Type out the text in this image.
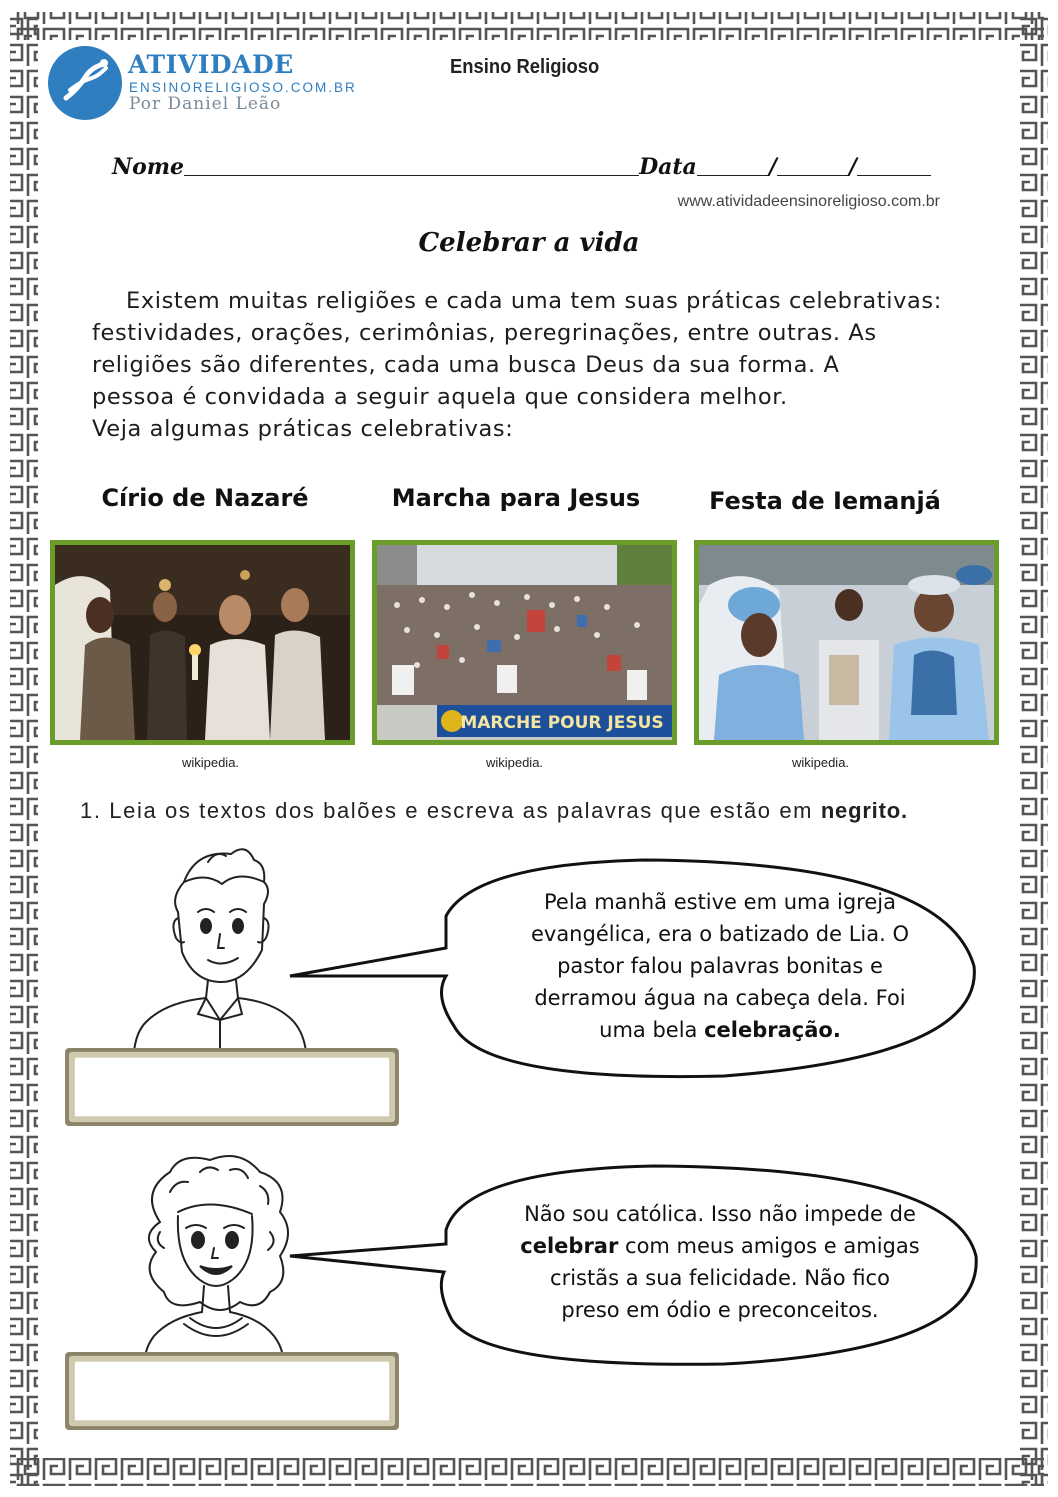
ATIVIDADE
ENSINORELIGIOSO.COM.BR
Por Daniel Leão
Ensino Religioso
Nome	Data	/	/
www.atividadeensinoreligioso.com.br
Celebrar a vida

Existem muitas religiões e cada uma tem suas práticas celebrativas:

festividades, orações, cerimônias, peregrinações, entre outras. As

religiões são diferentes, cada uma busca Deus da sua forma. A

pessoa é convidada a seguir aquela que considera melhor.

Veja algumas práticas celebrativas:

Círio de Nazaré	Marcha para Jesus	Festa de Iemanjá
MARCHE POUR JESUS
wikipedia.	wikipedia.	wikipedia.
1. Leia os textos dos balões e escreva as palavras que estão em negrito.
Pela manhã estive em uma igreja
evangélica, era o batizado de Lia. O
pastor falou palavras bonitas e
derramou água na cabeça dela. Foi
uma bela celebração.
Não sou católica. Isso não impede de
celebrar com meus amigos e amigas
cristãs a sua felicidade. Não fico
preso em ódio e preconceitos.
